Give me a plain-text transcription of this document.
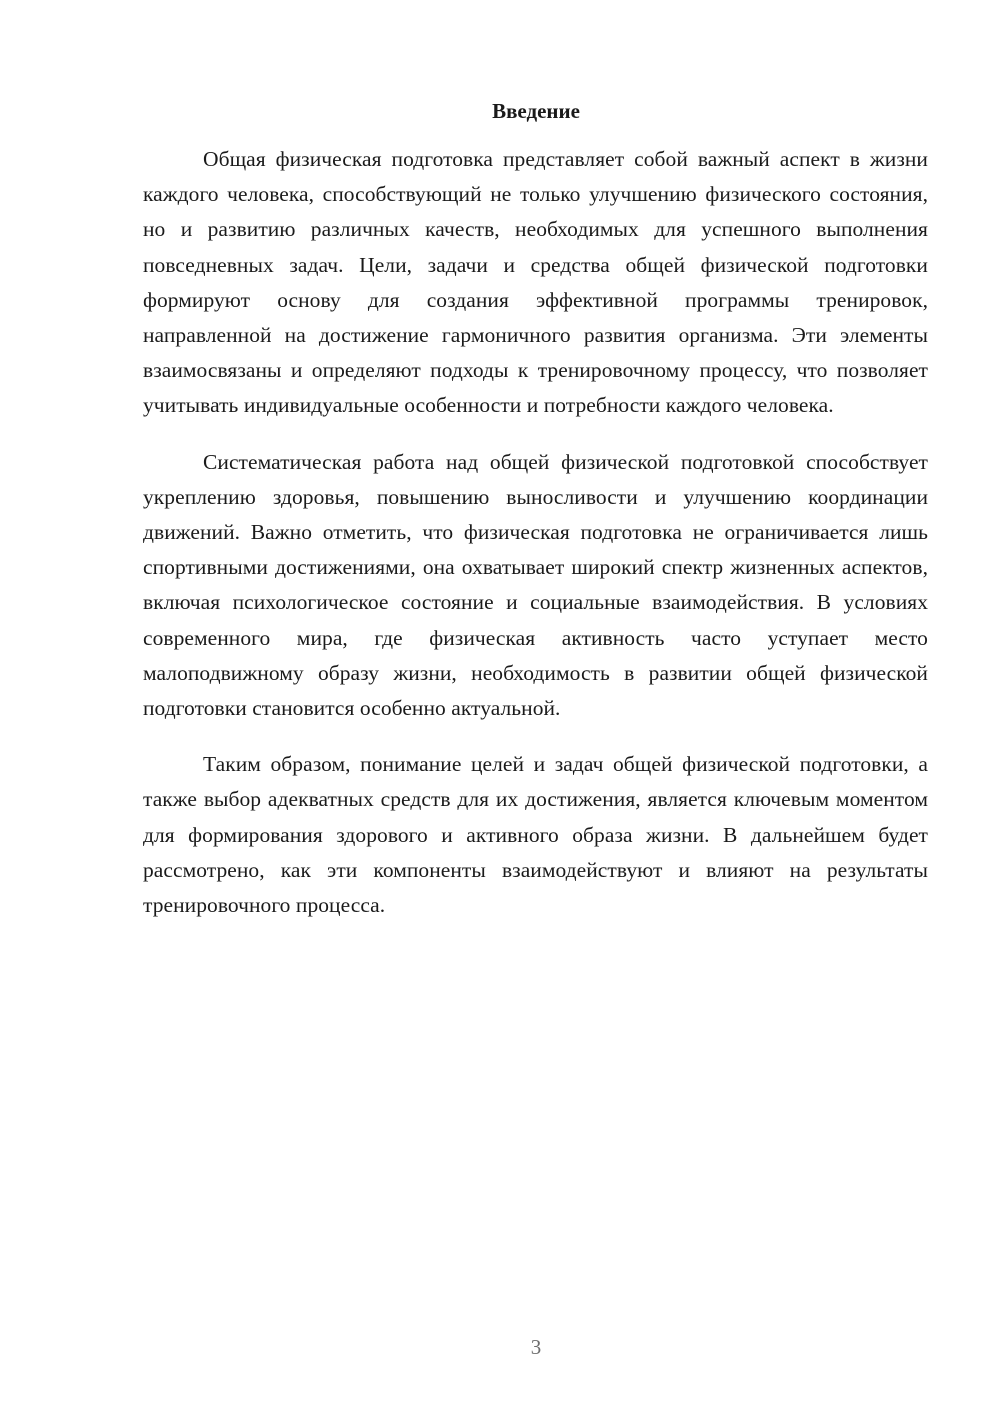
Введение

Общая физическая подготовка представляет собой важный аспект в жизни каждого человека, способствующий не только улучшению физического состояния, но и развитию различных качеств, необходимых для успешного выполнения повседневных задач. Цели, задачи и средства общей физической подготовки формируют основу для создания эффективной программы тренировок, направленной на достижение гармоничного развития организма. Эти элементы взаимосвязаны и определяют подходы к тренировочному процессу, что позволяет учитывать индивидуальные особенности и потребности каждого человека.

Систематическая работа над общей физической подготовкой способствует укреплению здоровья, повышению выносливости и улучшению координации движений. Важно отметить, что физическая подготовка не ограничивается лишь спортивными достижениями, она охватывает широкий спектр жизненных аспектов, включая психологическое состояние и социальные взаимодействия. В условиях современного мира, где физическая активность часто уступает место малоподвижному образу жизни, необходимость в развитии общей физической подготовки становится особенно актуальной.

Таким образом, понимание целей и задач общей физической подготовки, а также выбор адекватных средств для их достижения, является ключевым моментом для формирования здорового и активного образа жизни. В дальнейшем будет рассмотрено, как эти компоненты взаимодействуют и влияют на результаты тренировочного процесса.

3
